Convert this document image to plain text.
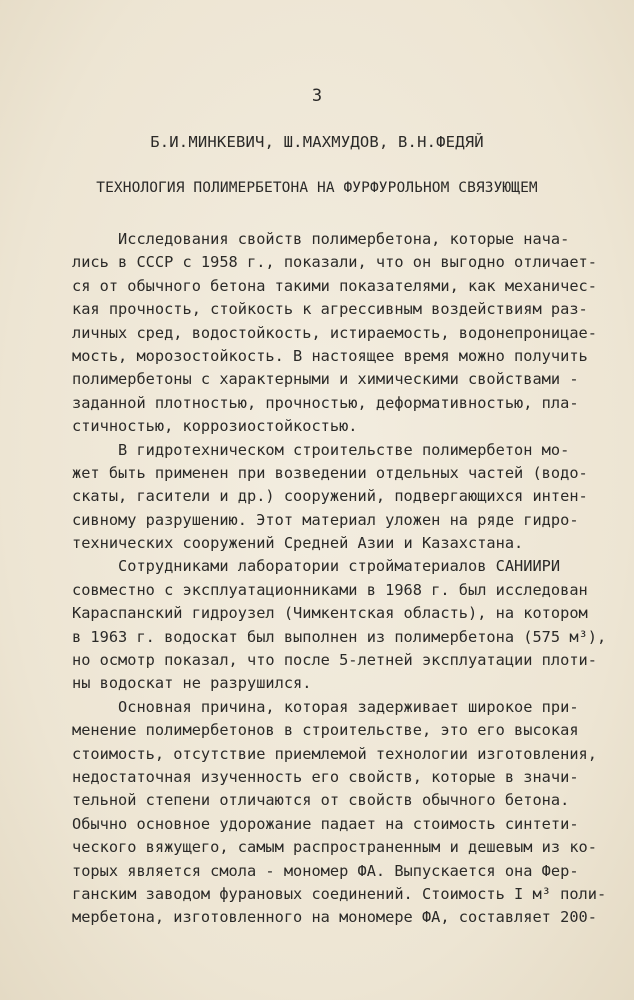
3
Б.И.МИНКЕВИЧ, Ш.МАХМУДОВ, В.Н.ФЕДЯЙ
ТЕХНОЛОГИЯ ПОЛИМЕРБЕТОНА НА ФУРФУРОЛЬНОМ СВЯЗУЮЩЕМ
Исследования свойств полимербетона, которые нача-
лись в СССР с 1958 г., показали, что он выгодно отличает-
ся от обычного бетона такими показателями, как механичес-
кая прочность, стойкость к агрессивным воздействиям раз-
личных сред, водостойкость, истираемость, водонепроницае-
мость, морозостойкость. В настоящее время можно получить
полимербетоны с характерными и химическими свойствами -
заданной плотностью, прочностью, деформативностью, пла-
стичностью, коррозиостойкостью.
В гидротехническом строительстве полимербетон мо-
жет быть применен при возведении отдельных частей (водо-
скаты, гасители и др.) сооружений, подвергающихся интен-
сивному разрушению. Этот материал уложен на ряде гидро-
технических сооружений Средней Азии и Казахстана.
Сотрудниками лаборатории стройматериалов САНИИРИ
совместно с эксплуатационниками в 1968 г. был исследован
Караспанский гидроузел (Чимкентская область), на котором
в 1963 г. водоскат был выполнен из полимербетона (575 м³),
но осмотр показал, что после 5-летней эксплуатации плоти-
ны водоскат не разрушился.
Основная причина, которая задерживает широкое при-
менение полимербетонов в строительстве, это его высокая
стоимость, отсутствие приемлемой технологии изготовления,
недостаточная изученность его свойств, которые в значи-
тельной степени отличаются от свойств обычного бетона.
Обычно основное удорожание падает на стоимость синтети-
ческого вяжущего, самым распространенным и дешевым из ко-
торых является смола - мономер ФА. Выпускается она Фер-
ганским заводом фурановых соединений. Стоимость I м³ поли-
мербетона, изготовленного на мономере ФА, составляет 200-
